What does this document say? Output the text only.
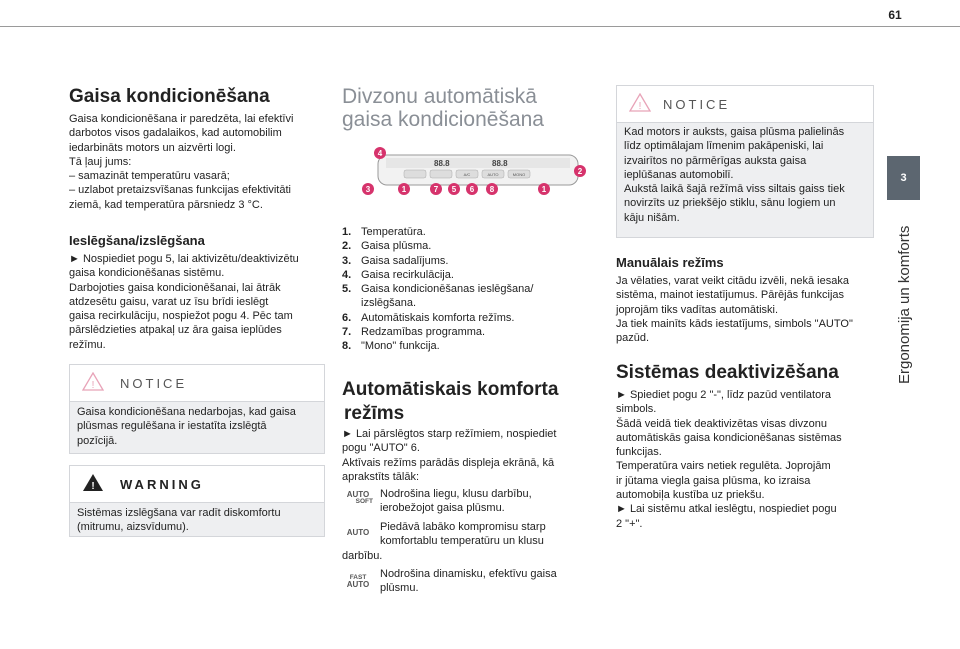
61
3
Ergonomija un komforts
Gaisa kondicionēšana
Gaisa kondicionēšana ir paredzēta, lai efektīvi
darbotos visos gadalaikos, kad automobilim
iedarbināts motors un aizvērti logi.
Tā ļauj jums:
– samazināt temperatūru vasarā;
– uzlabot pretaizsvīšanas funkcijas efektivitāti
ziemā, kad temperatūra pārsniedz 3 °C.
Ieslēgšana/izslēgšana
► Nospiediet pogu 5, lai aktivizētu/deaktivizētu
gaisa kondicionēšanas sistēmu.
Darbojoties gaisa kondicionēšanai, lai ātrāk
atdzesētu gaisu, varat uz īsu brīdi ieslēgt
gaisa recirkulāciju, nospiežot pogu 4. Pēc tam
pārslēdzieties atpakaļ uz āra gaisa ieplūdes
režīmu.
! NOTICE
Gaisa kondicionēšana nedarbojas, kad gaisa
plūsmas regulēšana ir iestatīta izslēgtā
pozīcijā.
! WARNING
Sistēmas izslēgšana var radīt diskomfortu
(mitrumu, aizsvīdumu).
Divzonu automātiskā
gaisa kondicionēšana
88.8	88.8
A/C	AUTO	MONO
4
2
3	1	7 5 6 8	1
1. Temperatūra.
2. Gaisa plūsma.
3. Gaisa sadalījums.
4. Gaisa recirkulācija.
5. Gaisa kondicionēšanas ieslēgšana/
izslēgšana.
6. Automātiskais komforta režīms.
7. Redzamības programma.
8. "Mono" funkcija.
Automātiskais komforta
režīms
► Lai pārslēgtos starp režīmiem, nospiediet
pogu "AUTO" 6.
Aktīvais režīms parādās displeja ekrānā, kā
aprakstīts tālāk:
AUTO
SOFT
Nodrošina liegu, klusu darbību,
ierobežojot gaisa plūsmu.
AUTO Piedāvā labāko kompromisu starp
komfortablu temperatūru un klusu
darbību.
FAST
AUTO
Nodrošina dinamisku, efektīvu gaisa
plūsmu.
! NOTICE
Kad motors ir auksts, gaisa plūsma palielinās
līdz optimālajam līmenim pakāpeniski, lai
izvairītos no pārmērīgas auksta gaisa
ieplūšanas automobilī.
Aukstā laikā šajā režīmā viss siltais gaiss tiek
novirzīts uz priekšējo stiklu, sānu logiem un
kāju nišām.
Manuālais režīms
Ja vēlaties, varat veikt citādu izvēli, nekā iesaka
sistēma, mainot iestatījumus. Pārējās funkcijas
joprojām tiks vadītas automātiski.
Ja tiek mainīts kāds iestatījums, simbols "AUTO"
pazūd.
Sistēmas deaktivizēšana
► Spiediet pogu 2 "-", līdz pazūd ventilatora
simbols.
Šādā veidā tiek deaktivizētas visas divzonu
automātiskās gaisa kondicionēšanas sistēmas
funkcijas.
Temperatūra vairs netiek regulēta. Joprojām
ir jūtama viegla gaisa plūsma, ko izraisa
automobiļa kustība uz priekšu.
► Lai sistēmu atkal ieslēgtu, nospiediet pogu
2 "+".
